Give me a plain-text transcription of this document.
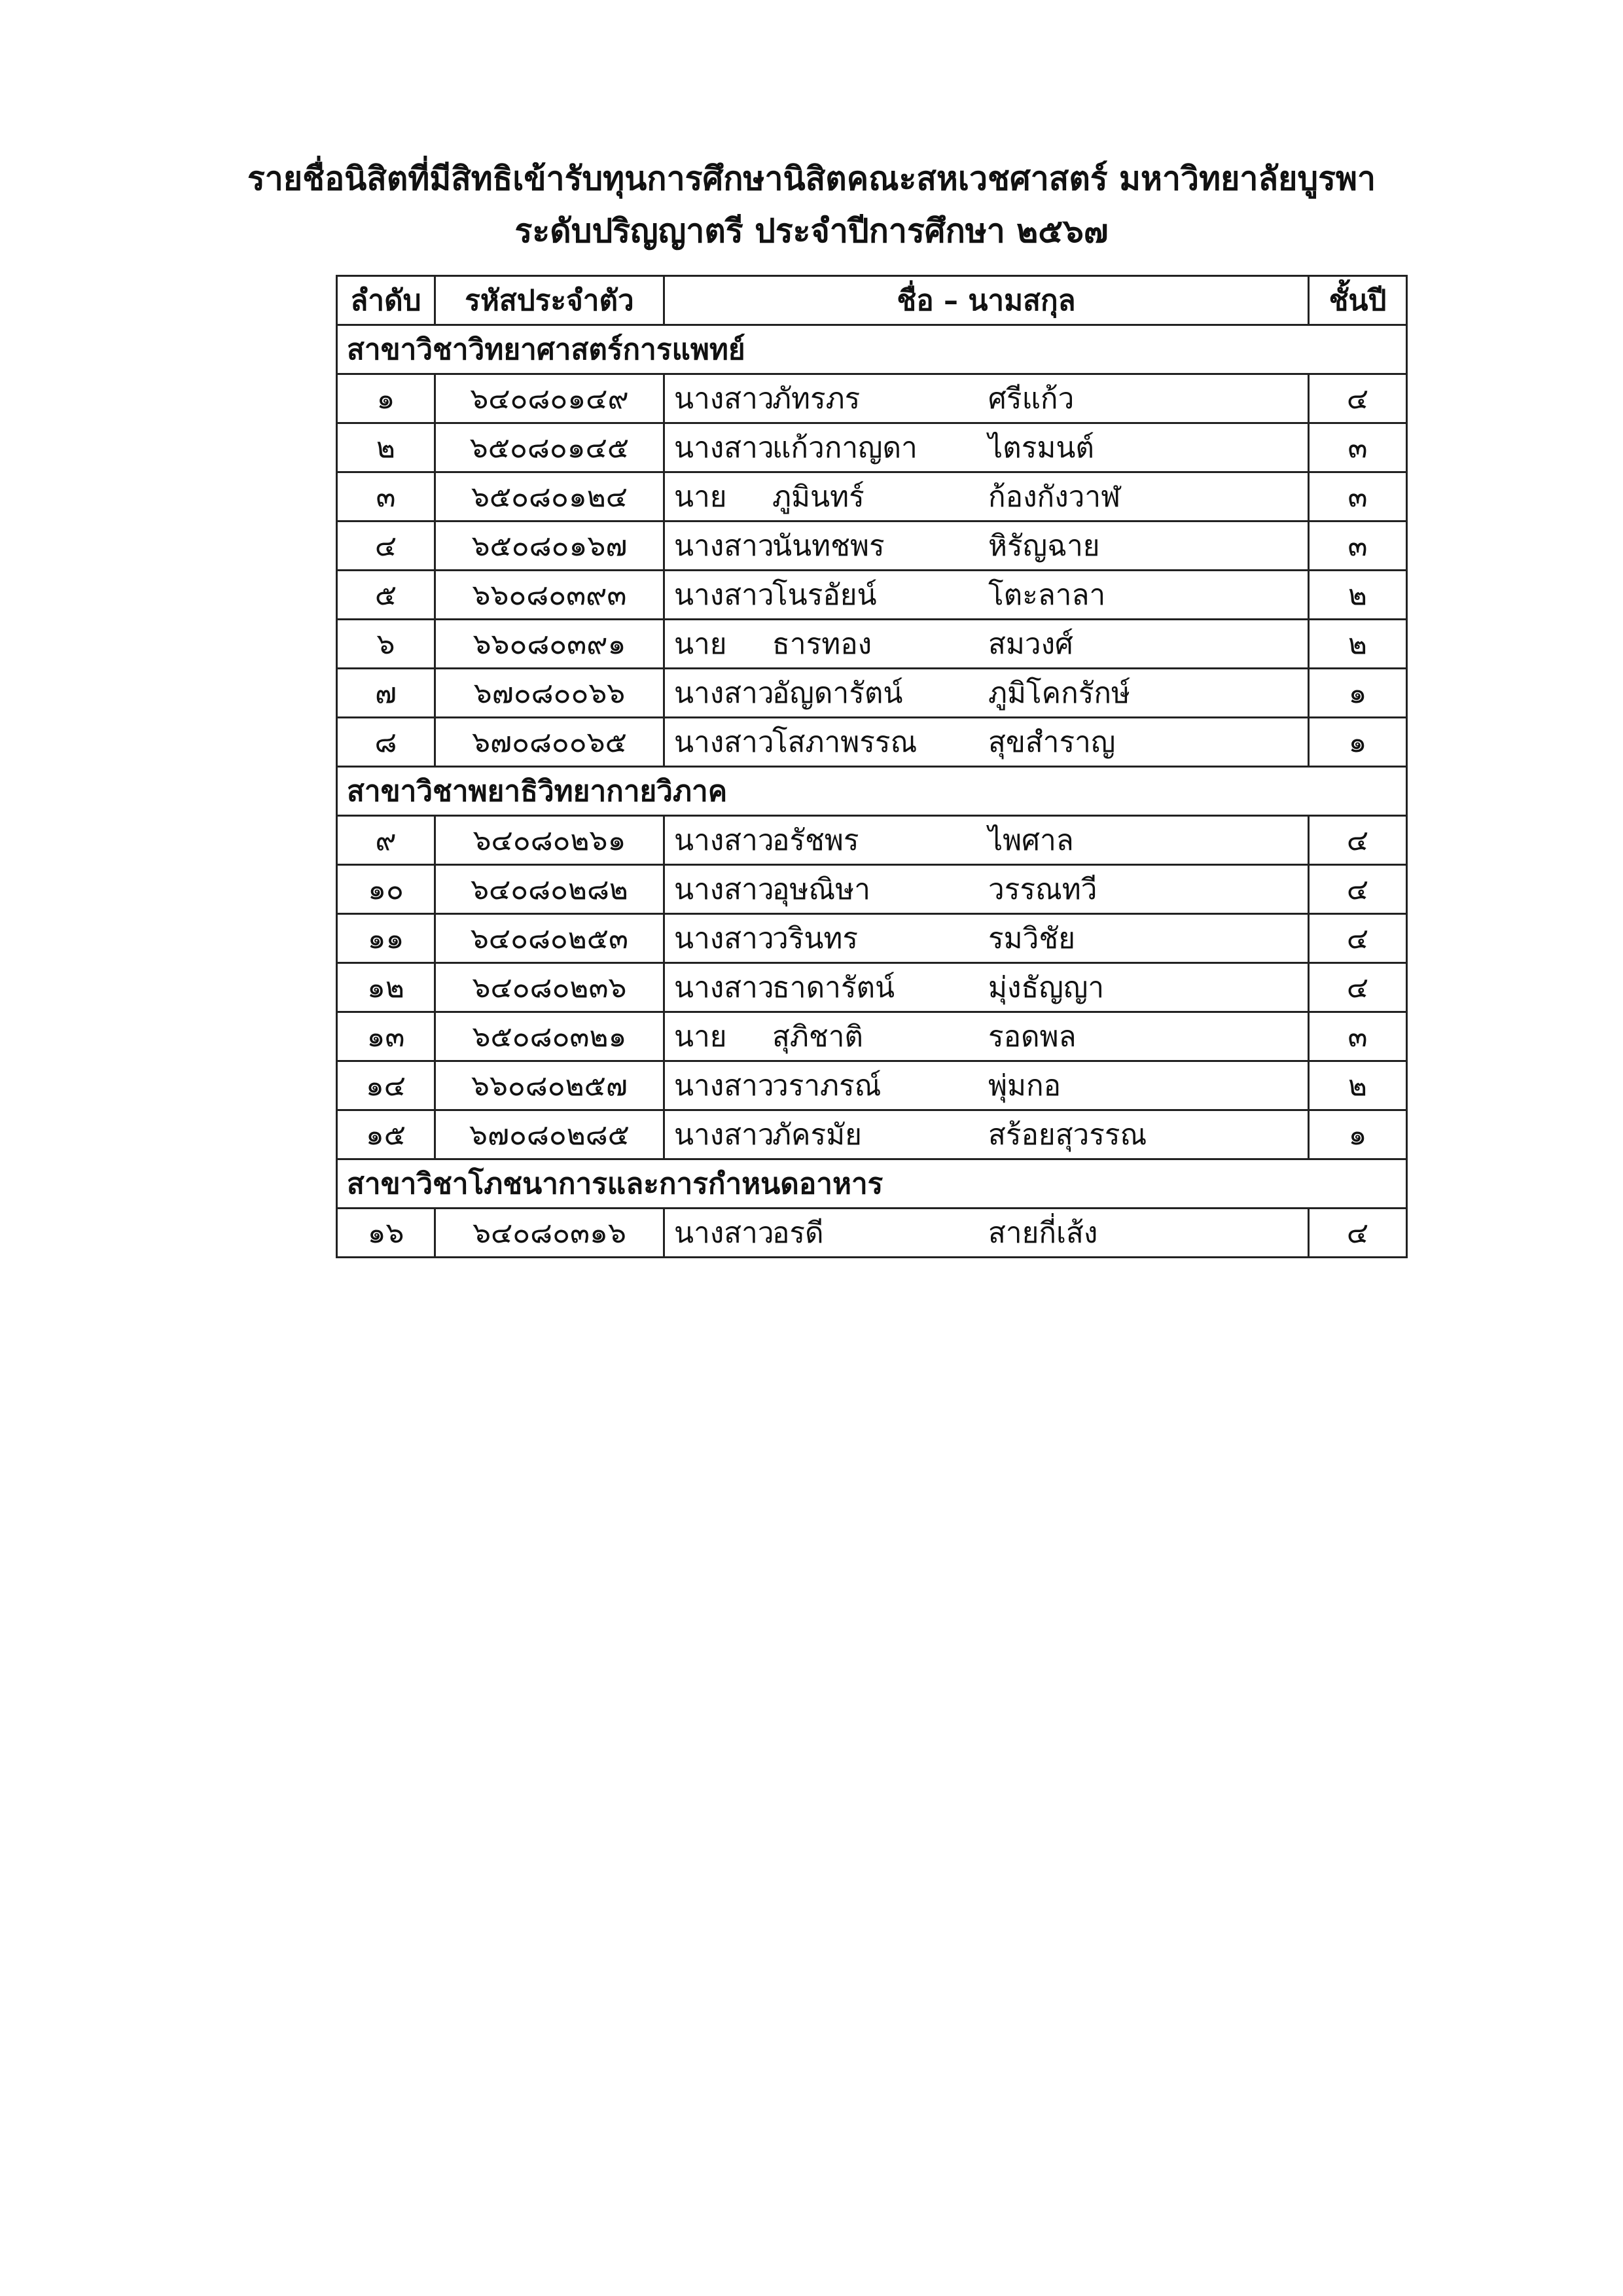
รายชื่อนิสิตที่มีสิทธิเข้ารับทุนการศึกษานิสิตคณะสหเวชศาสตร์ มหาวิทยาลัยบูรพา
ระดับปริญญาตรี ประจำปีการศึกษา ๒๕๖๗
ลำดับ	รหัสประจำตัว	ชื่อ – นามสกุล	ชั้นปี
สาขาวิชาวิทยาศาสตร์การแพทย์			
๑	๖๔๐๘๐๑๔๙	นางสาวภัทรภร ศรีแก้ว	๔
๒	๖๕๐๘๐๑๔๕	นางสาวแก้วกาญดา ไตรมนต์	๓
๓	๖๕๐๘๐๑๒๔	นาย ภูมินทร์ ก้องกังวาฬ	๓
๔	๖๕๐๘๐๑๖๗	นางสาวนันทชพร หิรัญฉาย	๓
๕	๖๖๐๘๐๓๙๓	นางสาวโนรอัยน์ โตะลาลา	๒
๖	๖๖๐๘๐๓๙๑	นาย ธารทอง สมวงศ์	๒
๗	๖๗๐๘๐๐๖๖	นางสาวอัญดารัตน์ ภูมิโคกรักษ์	๑
๘	๖๗๐๘๐๐๖๕	นางสาวโสภาพรรณ สุขสำราญ	๑
สาขาวิชาพยาธิวิทยากายวิภาค			
๙	๖๔๐๘๐๒๖๑	นางสาวอรัชพร ไพศาล	๔
๑๐	๖๔๐๘๐๒๘๒	นางสาวอุษณิษา วรรณทวี	๔
๑๑	๖๔๐๘๐๒๕๓	นางสาววรินทร รมวิชัย	๔
๑๒	๖๔๐๘๐๒๓๖	นางสาวธาดารัตน์ มุ่งธัญญา	๔
๑๓	๖๕๐๘๐๓๒๑	นาย สุภิชาติ รอดพล	๓
๑๔	๖๖๐๘๐๒๕๗	นางสาววราภรณ์ พุ่มกอ	๒
๑๕	๖๗๐๘๐๒๘๕	นางสาวภัครมัย สร้อยสุวรรณ	๑
สาขาวิชาโภชนาการและการกำหนดอาหาร			
๑๖	๖๔๐๘๐๓๑๖	นางสาวอรดี สายกี่เส้ง	๔
